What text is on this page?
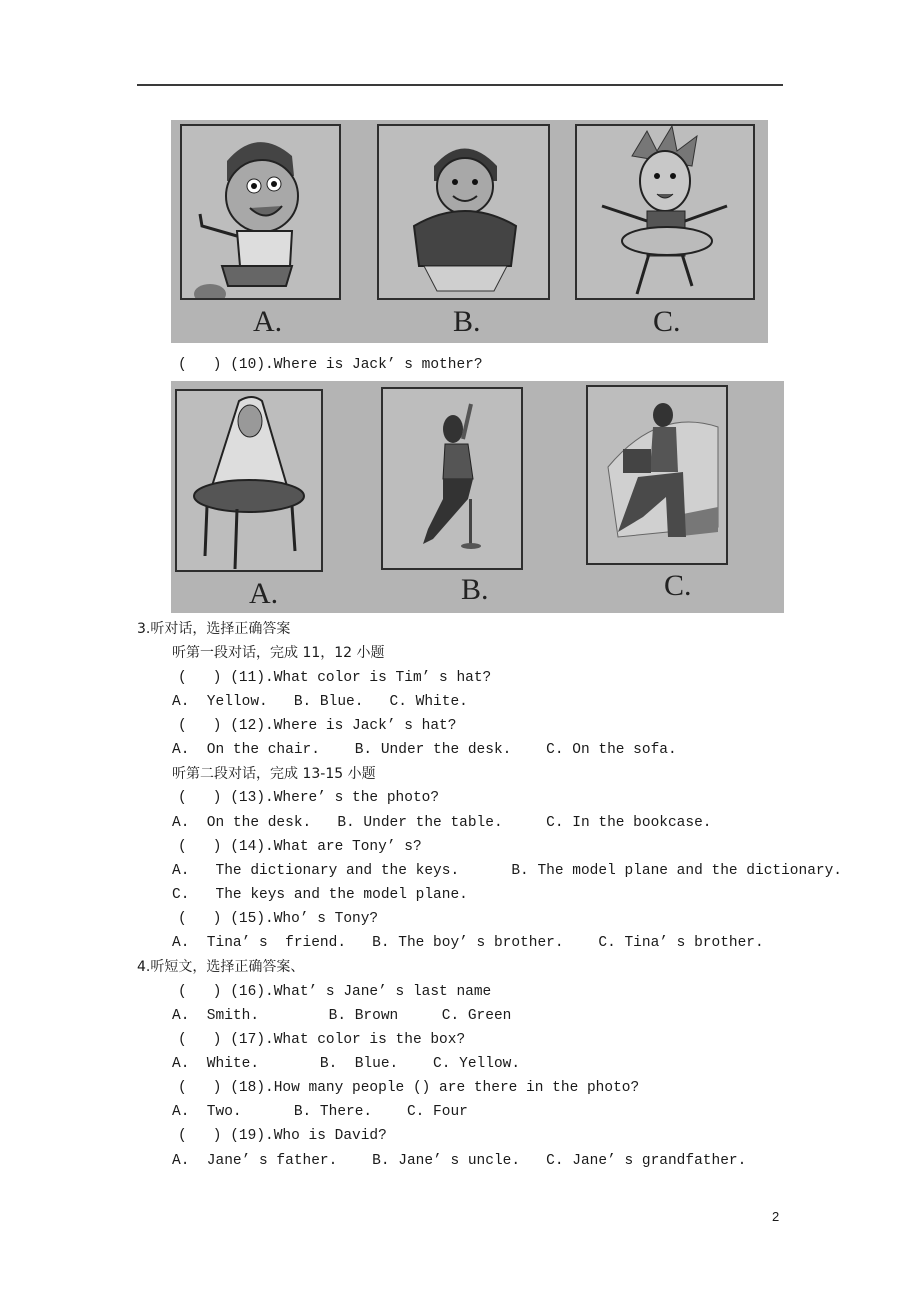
A.	B.	C.
(   ) (10).Where is Jack’ s mother?
A.	B.	C.
3.听对话，选择正确答案
听第一段对话，完成 11，12 小题
(   ) (11).What color is Tim’ s hat?
A.  Yellow.   B. Blue.   C. White.
(   ) (12).Where is Jack’ s hat?
A.  On the chair.    B. Under the desk.    C. On the sofa.
听第二段对话，完成 13-15 小题
(   ) (13).Where’ s the photo?
A.  On the desk.   B. Under the table.     C. In the bookcase.
(   ) (14).What are Tony’ s?
A.   The dictionary and the keys.      B. The model plane and the dictionary.
C.   The keys and the model plane.
(   ) (15).Who’ s Tony?
A.  Tina’ s  friend.   B. The boy’ s brother.    C. Tina’ s brother.
4.听短文，选择正确答案、
(   ) (16).What’ s Jane’ s last name
A.  Smith.        B. Brown     C. Green
(   ) (17).What color is the box?
A.  White.       B.  Blue.    C. Yellow.
(   ) (18).How many people () are there in the photo?
A.  Two.      B. There.    C. Four
(   ) (19).Who is David?
A.  Jane’ s father.    B. Jane’ s uncle.   C. Jane’ s grandfather.
2
